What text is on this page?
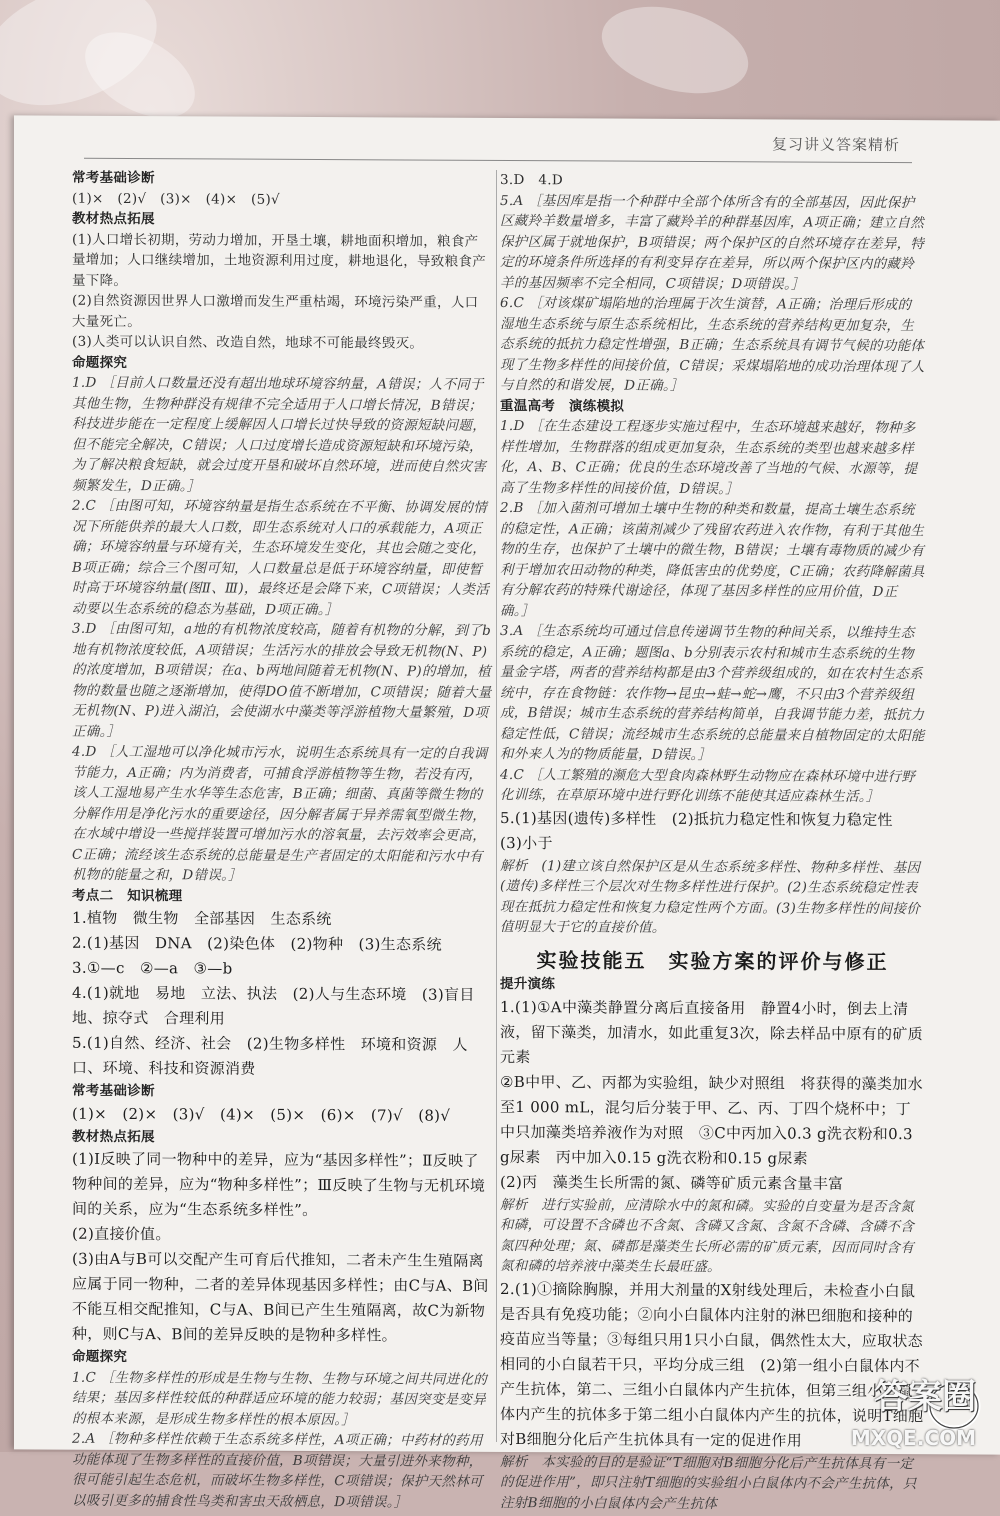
复习讲义答案精析
常考基础诊断
(1)×　(2)√　(3)×　(4)×　(5)√
教材热点拓展
(1)人口增长初期，劳动力增加，开垦土壤，耕地面积增加，粮食产量增加；人口继续增加，土地资源利用过度，耕地退化，导致粮食产量下降。
(2)自然资源因世界人口激增而发生严重枯竭，环境污染严重，人口大量死亡。
(3)人类可以认识自然、改造自然，地球不可能最终毁灭。
命题探究
1.D ［目前人口数量还没有超出地球环境容纳量，A错误；人不同于其他生物，生物种群没有规律不完全适用于人口增长情况，B错误；科技进步能在一定程度上缓解因人口增长过快导致的资源短缺问题，但不能完全解决，C错误；人口过度增长造成资源短缺和环境污染，为了解决粮食短缺，就会过度开垦和破坏自然环境，进而使自然灾害频繁发生，D正确。］
2.C ［由图可知，环境容纳量是指生态系统在不平衡、协调发展的情况下所能供养的最大人口数，即生态系统对人口的承载能力，A项正确；环境容纳量与环境有关，生态环境发生变化，其也会随之变化，B项正确；综合三个图可知，人口数量总是低于环境容纳量，即使暂时高于环境容纳量(图Ⅱ、Ⅲ)，最终还是会降下来，C项错误；人类活动要以生态系统的稳态为基础，D项正确。］
3.D ［由图可知，a地的有机物浓度较高，随着有机物的分解，到了b地有机物浓度较低，A项错误；生活污水的排放会导致无机物(N、P)的浓度增加，B项错误；在a、b两地间随着无机物(N、P)的增加，植物的数量也随之逐渐增加，使得DO值不断增加，C项错误；随着大量无机物(N、P)进入湖泊，会使湖水中藻类等浮游植物大量繁殖，D项正确。］
4.D ［人工湿地可以净化城市污水，说明生态系统具有一定的自我调节能力，A正确；内为消费者，可捕食浮游植物等生物，若没有丙，该人工湿地易产生水华等生态危害，B正确；细菌、真菌等微生物的分解作用是净化污水的重要途径，因分解者属于异养需氧型微生物，在水域中增设一些搅拌装置可增加污水的溶氧量，去污效率会更高，C正确；流经该生态系统的总能量是生产者固定的太阳能和污水中有机物的能量之和，D错误。］
考点二　知识梳理
1.植物　微生物　全部基因　生态系统
2.(1)基因　DNA　(2)染色体　(2)物种　(3)生态系统
3.①—c　②—a　③—b
4.(1)就地　易地　立法、执法　(2)人与生态环境　(3)盲目地、掠夺式　合理利用
5.(1)自然、经济、社会　(2)生物多样性　环境和资源　人口、环境、科技和资源消费
常考基础诊断
(1)×　(2)×　(3)√　(4)×　(5)×　(6)×　(7)√　(8)√
教材热点拓展
(1)Ⅰ反映了同一物种中的差异，应为“基因多样性”；Ⅱ反映了物种间的差异，应为“物种多样性”；Ⅲ反映了生物与无机环境间的关系，应为“生态系统多样性”。
(2)直接价值。
(3)由A与B可以交配产生可育后代推知，二者未产生生殖隔离应属于同一物种，二者的差异体现基因多样性；由C与A、B间不能互相交配推知，C与A、B间已产生生殖隔离，故C为新物种，则C与A、B间的差异反映的是物种多样性。
命题探究
1.C ［生物多样性的形成是生物与生物、生物与环境之间共同进化的结果；基因多样性较低的种群适应环境的能力较弱；基因突变是变异的根本来源，是形成生物多样性的根本原因。］
2.A ［物种多样性依赖于生态系统多样性，A项正确；中药材的药用功能体现了生物多样性的直接价值，B项错误；大量引进外来物种，很可能引起生态危机，而破坏生物多样性，C项错误；保护天然林可以吸引更多的捕食性鸟类和害虫天敌栖息，D项错误。］
3.D　4.D
5.A ［基因库是指一个种群中全部个体所含有的全部基因，因此保护区藏羚羊数量增多，丰富了藏羚羊的种群基因库，A项正确；建立自然保护区属于就地保护，B项错误；两个保护区的自然环境存在差异，特定的环境条件所选择的有利变异存在差异，所以两个保护区内的藏羚羊的基因频率不完全相同，C项错误；D项错误。］
6.C ［对该煤矿塌陷地的治理属于次生演替，A正确；治理后形成的湿地生态系统与原生态系统相比，生态系统的营养结构更加复杂，生态系统的抵抗力稳定性增强，B正确；生态系统具有调节气候的功能体现了生物多样性的间接价值，C错误；采煤塌陷地的成功治理体现了人与自然的和谐发展，D正确。］
重温高考　演练模拟
1.D ［在生态建设工程逐步实施过程中，生态环境越来越好，物种多样性增加，生物群落的组成更加复杂，生态系统的类型也越来越多样化，A、B、C正确；优良的生态环境改善了当地的气候、水源等，提高了生物多样性的间接价值，D错误。］
2.B ［加入菌剂可增加土壤中生物的种类和数量，提高土壤生态系统的稳定性，A正确；该菌剂减少了残留农药进入农作物，有利于其他生物的生存，也保护了土壤中的微生物，B错误；土壤有毒物质的减少有利于增加农田动物的种类，降低害虫的优势度，C正确；农药降解菌具有分解农药的特殊代谢途径，体现了基因多样性的应用价值，D正确。］
3.A ［生态系统均可通过信息传递调节生物的种间关系，以维持生态系统的稳定，A正确；题图a、b分别表示农村和城市生态系统的生物量金字塔，两者的营养结构都是由3个营养级组成的，如在农村生态系统中，存在食物链：农作物→昆虫→蛙→蛇→鹰，不只由3个营养级组成，B错误；城市生态系统的营养结构简单，自我调节能力差，抵抗力稳定性低，C错误；流经城市生态系统的总能量来自植物固定的太阳能和外来人为的物质能量，D错误。］
4.C ［人工繁殖的濒危大型食肉森林野生动物应在森林环境中进行野化训练，在草原环境中进行野化训练不能使其适应森林生活。］
5.(1)基因(遗传)多样性　(2)抵抗力稳定性和恢复力稳定性　(3)小于
解析　(1)建立该自然保护区是从生态系统多样性、物种多样性、基因(遗传)多样性三个层次对生物多样性进行保护。(2)生态系统稳定性表现在抵抗力稳定性和恢复力稳定性两个方面。(3)生物多样性的间接价值明显大于它的直接价值。
实验技能五　实验方案的评价与修正
提升演练
1.(1)①A中藻类静置分离后直接备用　静置4小时，倒去上清液，留下藻类，加清水，如此重复3次，除去样品中原有的矿质元素
②B中甲、乙、丙都为实验组，缺少对照组　将获得的藻类加水至1 000 mL，混匀后分装于甲、乙、丙、丁四个烧杯中；丁中只加藻类培养液作为对照　③C中丙加入0.3 g洗衣粉和0.3 g尿素　丙中加入0.15 g洗衣粉和0.15 g尿素
(2)丙　藻类生长所需的氮、磷等矿质元素含量丰富
解析　进行实验前，应清除水中的氮和磷。实验的自变量为是否含氮和磷，可设置不含磷也不含氮、含磷又含氮、含氮不含磷、含磷不含氮四种处理；氮、磷都是藻类生长所必需的矿质元素，因而同时含有氮和磷的培养液中藻类生长最旺盛。
2.(1)①摘除胸腺，并用大剂量的X射线处理后，未检查小白鼠是否具有免疫功能；②向小白鼠体内注射的淋巴细胞和接种的疫苗应当等量；③每组只用1只小白鼠，偶然性太大，应取状态相同的小白鼠若干只，平均分成三组　(2)第一组小白鼠体内不产生抗体，第二、三组小白鼠体内产生抗体，但第三组小白鼠体内产生的抗体多于第二组小白鼠体内产生的抗体，说明T细胞对B细胞分化后产生抗体具有一定的促进作用
解析　本实验的目的是验证“T细胞对B细胞分化后产生抗体具有一定的促进作用”，即只注射T细胞的实验组小白鼠体内不会产生抗体，只注射B细胞的小白鼠体内会产生抗体
答案圈
MXQE.COM
